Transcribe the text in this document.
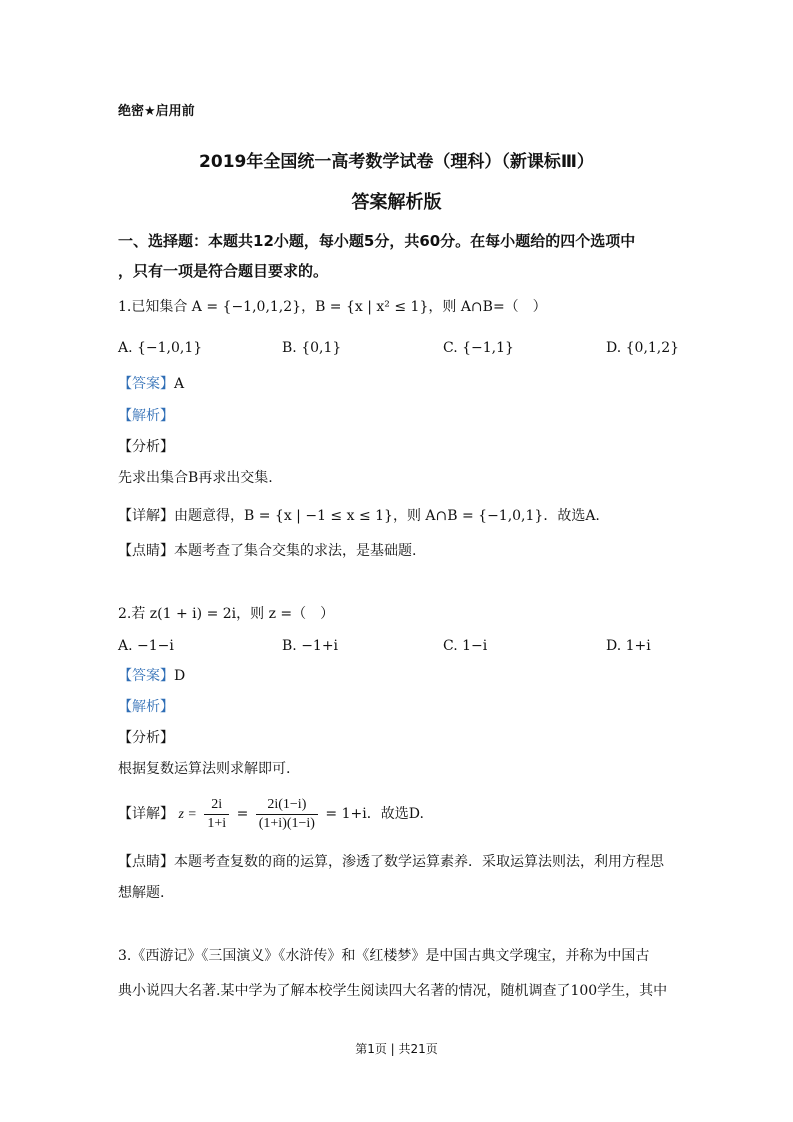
绝密★启用前
2019年全国统一高考数学试卷（理科）（新课标Ⅲ）
答案解析版
一、选择题：本题共12小题，每小题5分，共60分。在每小题给的四个选项中
，只有一项是符合题目要求的。
1.已知集合 A = {−1,0,1,2}，B = {x | x² ≤ 1}，则 A∩B=（　）
A. {−1,0,1}	B. {0,1}	C. {−1,1}	D. {0,1,2}
【答案】A
【解析】
【分析】
先求出集合B再求出交集.
【详解】由题意得，B = {x | −1 ≤ x ≤ 1}，则 A∩B = {−1,0,1}．故选A.
【点睛】本题考查了集合交集的求法，是基础题.
2.若 z(1 + i) = 2i，则 z =（　）
A. −1−i	B. −1+i	C. 1−i	D. 1+i
【答案】D
【解析】
【分析】
根据复数运算法则求解即可.
【详解】 $z = \frac{2i}{1+i} = \frac{2i(1-i)}{(1+i)(1-i)} = 1+i$．故选D.
【点睛】本题考查复数的商的运算，渗透了数学运算素养．采取运算法则法，利用方程思
想解题.
3.《西游记》《三国演义》《水浒传》和《红楼梦》是中国古典文学瑰宝，并称为中国古
典小说四大名著.某中学为了解本校学生阅读四大名著的情况，随机调查了100学生，其中
第1页 | 共21页
